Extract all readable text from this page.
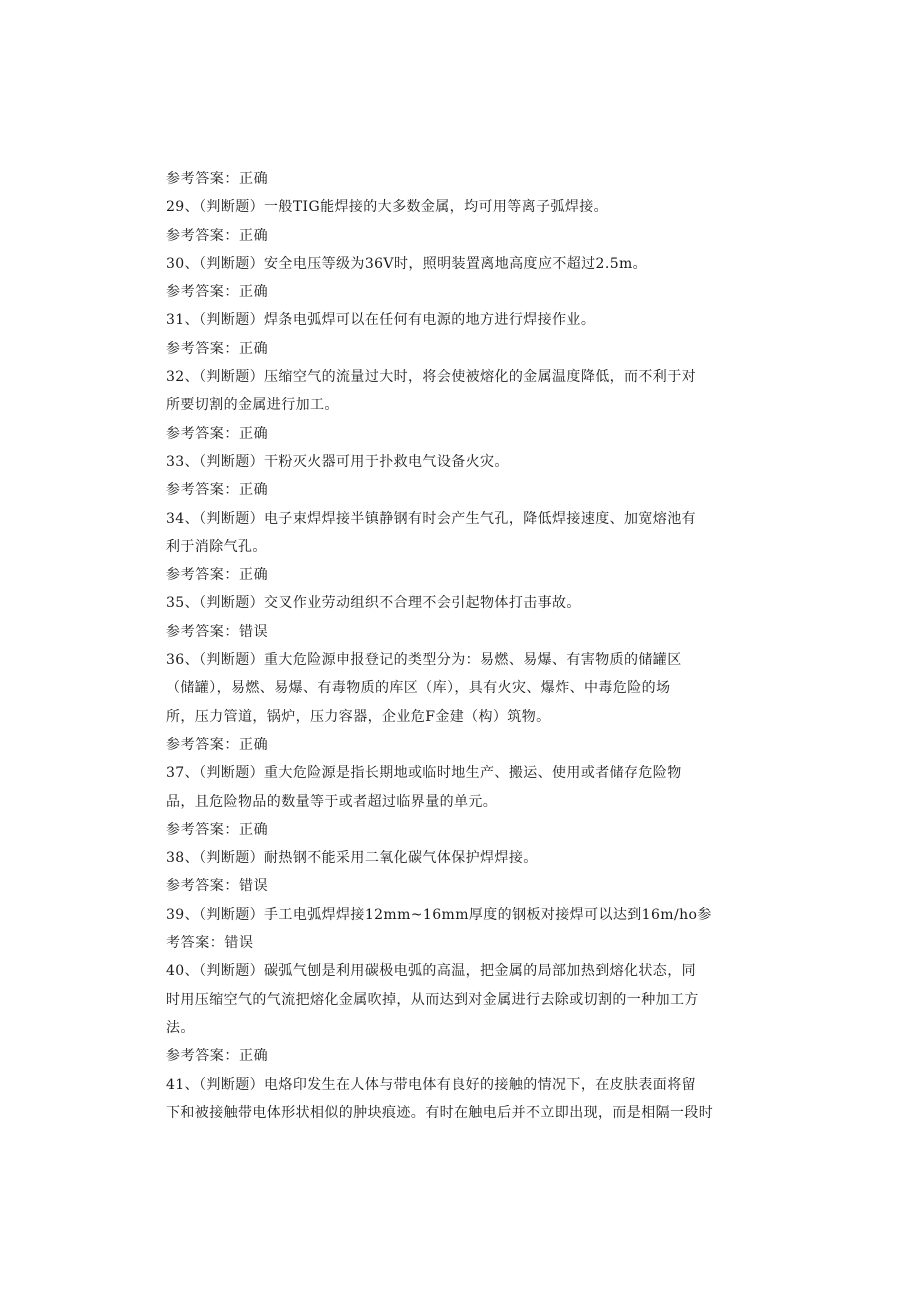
参考答案：正确
29、（判断题）一般TIG能焊接的大多数金属，均可用等离子弧焊接。
参考答案：正确
30、（判断题）安全电压等级为36V时，照明装置离地高度应不超过2.5m。
参考答案：正确
31、（判断题）焊条电弧焊可以在任何有电源的地方进行焊接作业。
参考答案：正确
32、（判断题）压缩空气的流量过大时，将会使被熔化的金属温度降低，而不利于对
所要切割的金属进行加工。
参考答案：正确
33、（判断题）干粉灭火器可用于扑救电气设备火灾。
参考答案：正确
34、（判断题）电子束焊焊接半镇静钢有时会产生气孔，降低焊接速度、加宽熔池有
利于消除气孔。
参考答案：正确
35、（判断题）交叉作业劳动组织不合理不会引起物体打击事故。
参考答案：错误
36、（判断题）重大危险源申报登记的类型分为：易燃、易爆、有害物质的储罐区
（储罐），易燃、易爆、有毒物质的库区（库），具有火灾、爆炸、中毒危险的场
所，压力管道，锅炉，压力容器，企业危F金建（构）筑物。
参考答案：正确
37、（判断题）重大危险源是指长期地或临时地生产、搬运、使用或者储存危险物
品，且危险物品的数量等于或者超过临界量的单元。
参考答案：正确
38、（判断题）耐热钢不能采用二氧化碳气体保护焊焊接。
参考答案：错误
39、（判断题）手工电弧焊焊接12mm~16mm厚度的钢板对接焊可以达到16m∕ho参
考答案：错误
40、（判断题）碳弧气刨是利用碳极电弧的高温，把金属的局部加热到熔化状态，同
时用压缩空气的气流把熔化金属吹掉，从而达到对金属进行去除或切割的一种加工方
法。
参考答案：正确
41、（判断题）电烙印发生在人体与带电体有良好的接触的情况下，在皮肤表面将留
下和被接触带电体形状相似的肿块痕迹。有时在触电后并不立即出现，而是相隔一段时
